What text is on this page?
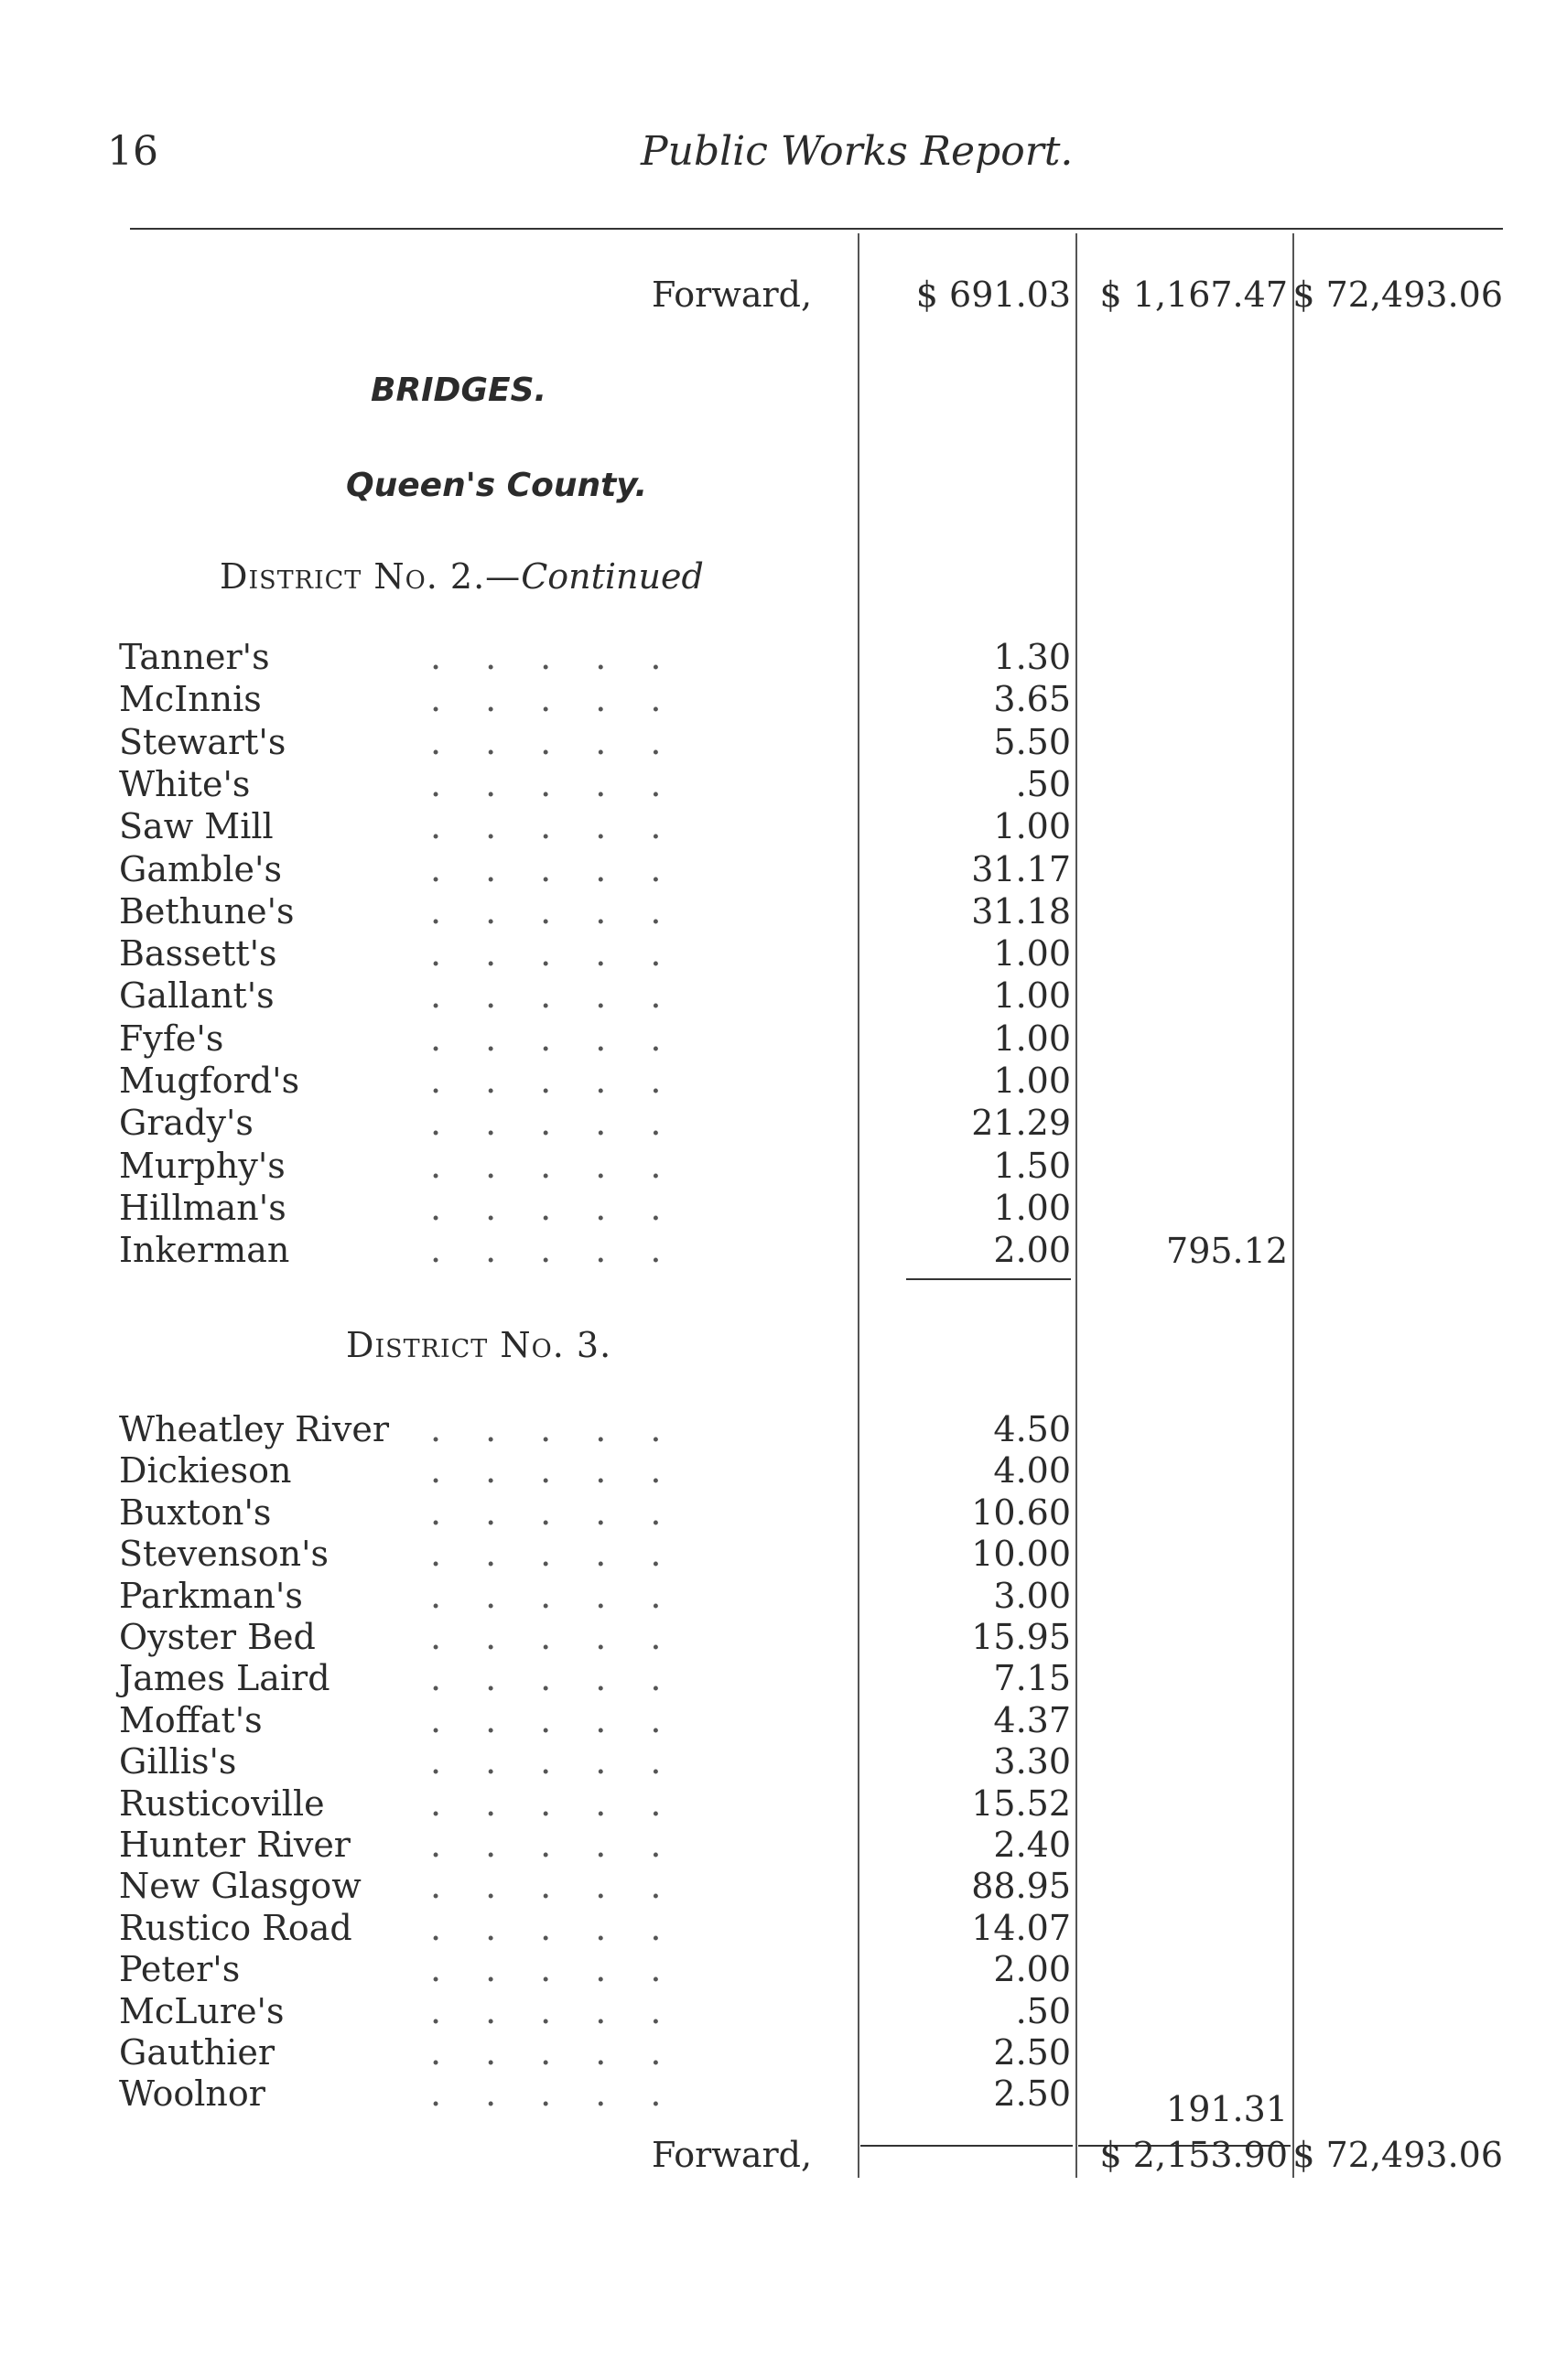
16	Public Works Report.
Forward,	$ 691.03 $ 1,167.47 $ 72,493.06
BRIDGES.
Queen's County.
District No. 2.—Continued
Tanner's	.....	1.30
McInnis	.....	3.65
Stewart's	.....	5.50
White's	.....	.50
Saw Mill	.....	1.00
Gamble's	.....	31.17
Bethune's	.....	31.18
Bassett's	.....	1.00
Gallant's	.....	1.00
Fyfe's	.....	1.00
Mugford's	.....	1.00
Grady's	.....	21.29
Murphy's	.....	1.50
Hillman's	.....	1.00
Inkerman	.....	2.00	795.12
District No. 3.
Wheatley River .....	4.50
Dickieson	.....	4.00
Buxton's	.....	10.60
Stevenson's	.....	10.00
Parkman's	.....	3.00
Oyster Bed	.....	15.95
James Laird	.....	7.15
Moffat's	.....	4.37
Gillis's	.....	3.30
Rusticoville	.....	15.52
Hunter River .....	2.40
New Glasgow .....	88.95
Rustico Road .....	14.07
Peter's	.....	2.00
McLure's	.....	.50
Gauthier	.....	2.50
Woolnor	.....	2.50	191.31
Forward,	$ 2,153.90 $ 72,493.06
